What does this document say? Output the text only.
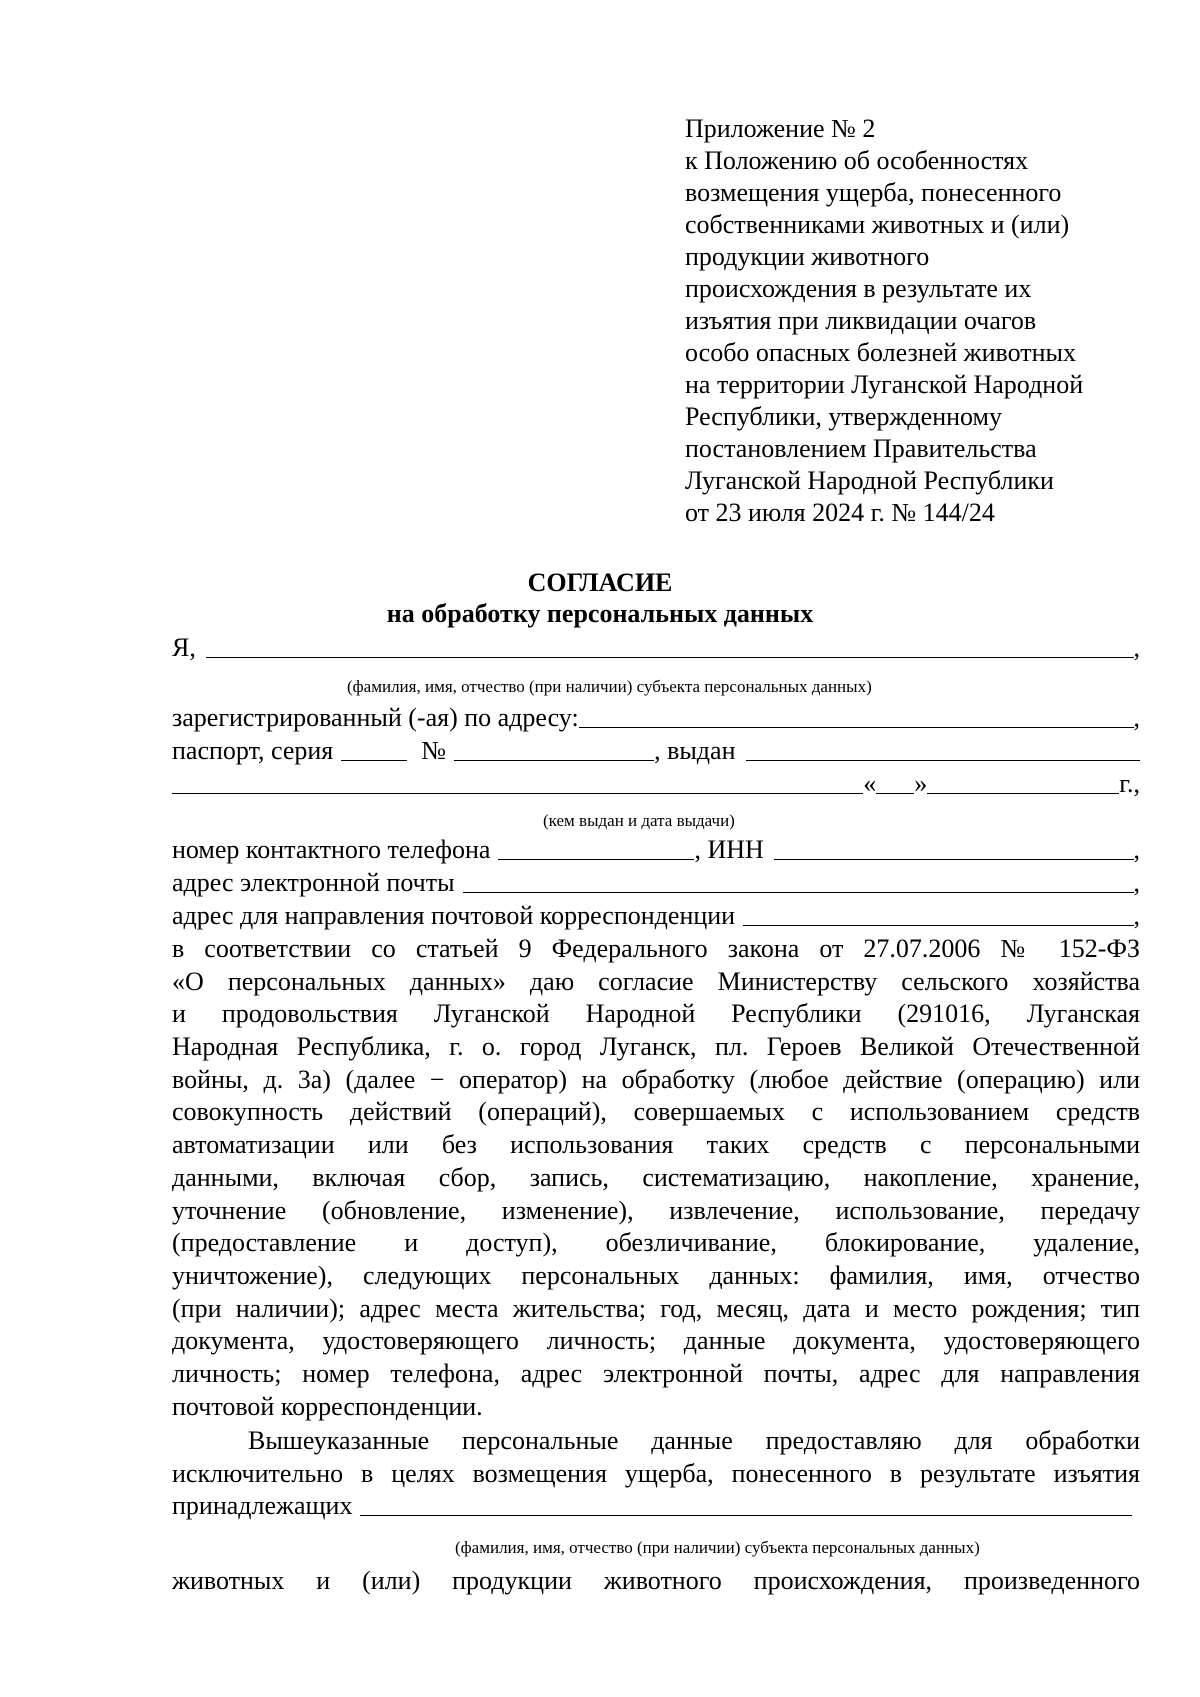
Приложение № 2
к Положению об особенностях
возмещения ущерба, понесенного
собственниками животных и (или)
продукции животного
происхождения в результате их
изъятия при ликвидации очагов
особо опасных болезней животных
на территории Луганской Народной
Республики, утвержденному
постановлением Правительства
Луганской Народной Республики
от 23 июля 2024 г. № 144/24
СОГЛАСИЕ
на обработку персональных данных
Я,	,
(фамилия, имя, отчество (при наличии) субъекта персональных данных)
зарегистрированный (-ая) по адресу:	,
паспорт, серия	№	, выдан
« »	г.,
(кем выдан и дата выдачи)
номер контактного телефона	, ИНН	,
адрес электронной почты	,
адрес для направления почтовой корреспонденции	,
в соответствии со статьей 9 Федерального закона от 27.07.2006 № 152-ФЗ
«О персональных данных» даю согласие Министерству сельского хозяйства
и продовольствия Луганской Народной Республики (291016, Луганская
Народная Республика, г. о. город Луганск, пл. Героев Великой Отечественной
войны, д. 3а) (далее − оператор) на обработку (любое действие (операцию) или
совокупность действий (операций), совершаемых с использованием средств
автоматизации или без использования таких средств с персональными
данными, включая сбор, запись, систематизацию, накопление, хранение,
уточнение (обновление, изменение), извлечение, использование, передачу
(предоставление и доступ), обезличивание, блокирование, удаление,
уничтожение), следующих персональных данных: фамилия, имя, отчество
(при наличии); адрес места жительства; год, месяц, дата и место рождения; тип
документа, удостоверяющего личность; данные документа, удостоверяющего
личность; номер телефона, адрес электронной почты, адрес для направления
почтовой корреспонденции.
Вышеуказанные персональные данные предоставляю для обработки
исключительно в целях возмещения ущерба, понесенного в результате изъятия
принадлежащих
(фамилия, имя, отчество (при наличии) субъекта персональных данных)
животных и (или) продукции животного происхождения, произведенного
